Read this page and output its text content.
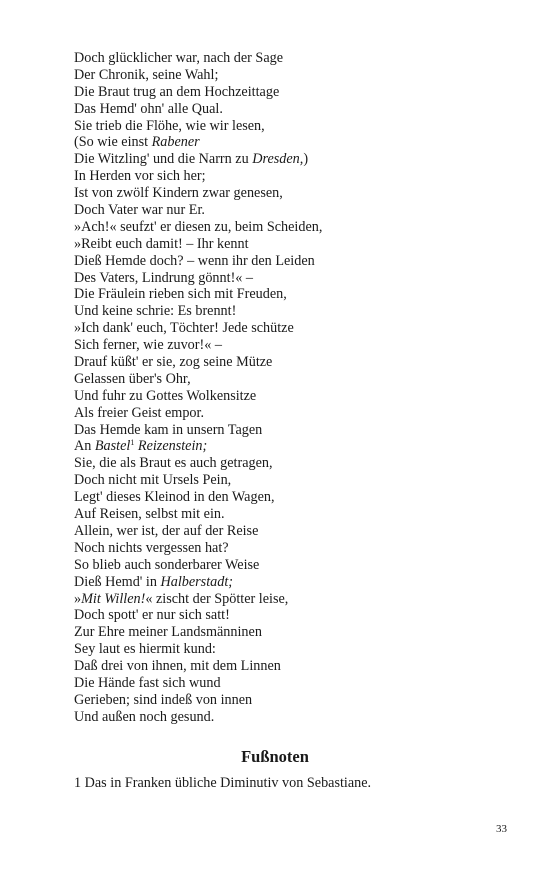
Doch glücklicher war, nach der Sage
Der Chronik, seine Wahl;
Die Braut trug an dem Hochzeittage
Das Hemd' ohn' alle Qual.
Sie trieb die Flöhe, wie wir lesen,
(So wie einst Rabener
Die Witzling' und die Narrn zu Dresden,)
In Herden vor sich her;
Ist von zwölf Kindern zwar genesen,
Doch Vater war nur Er.
»Ach!« seufzt' er diesen zu, beim Scheiden,
»Reibt euch damit! – Ihr kennt
Dieß Hemde doch? – wenn ihr den Leiden
Des Vaters, Lindrung gönnt!« –
Die Fräulein rieben sich mit Freuden,
Und keine schrie: Es brennt!
»Ich dank' euch, Töchter! Jede schütze
Sich ferner, wie zuvor!« –
Drauf küßt' er sie, zog seine Mütze
Gelassen über's Ohr,
Und fuhr zu Gottes Wolkensitze
Als freier Geist empor.
Das Hemde kam in unsern Tagen
An Bastel$^1$ Reizenstein;
Sie, die als Braut es auch getragen,
Doch nicht mit Ursels Pein,
Legt' dieses Kleinod in den Wagen,
Auf Reisen, selbst mit ein.
Allein, wer ist, der auf der Reise
Noch nichts vergessen hat?
So blieb auch sonderbarer Weise
Dieß Hemd' in Halberstadt;
»Mit Willen!« zischt der Spötter leise,
Doch spott' er nur sich satt!
Zur Ehre meiner Landsmänninen
Sey laut es hiermit kund:
Daß drei von ihnen, mit dem Linnen
Die Hände fast sich wund
Gerieben; sind indeß von innen
Und außen noch gesund.
Fußnoten
1 Das in Franken übliche Diminutiv von Sebastiane.
33
